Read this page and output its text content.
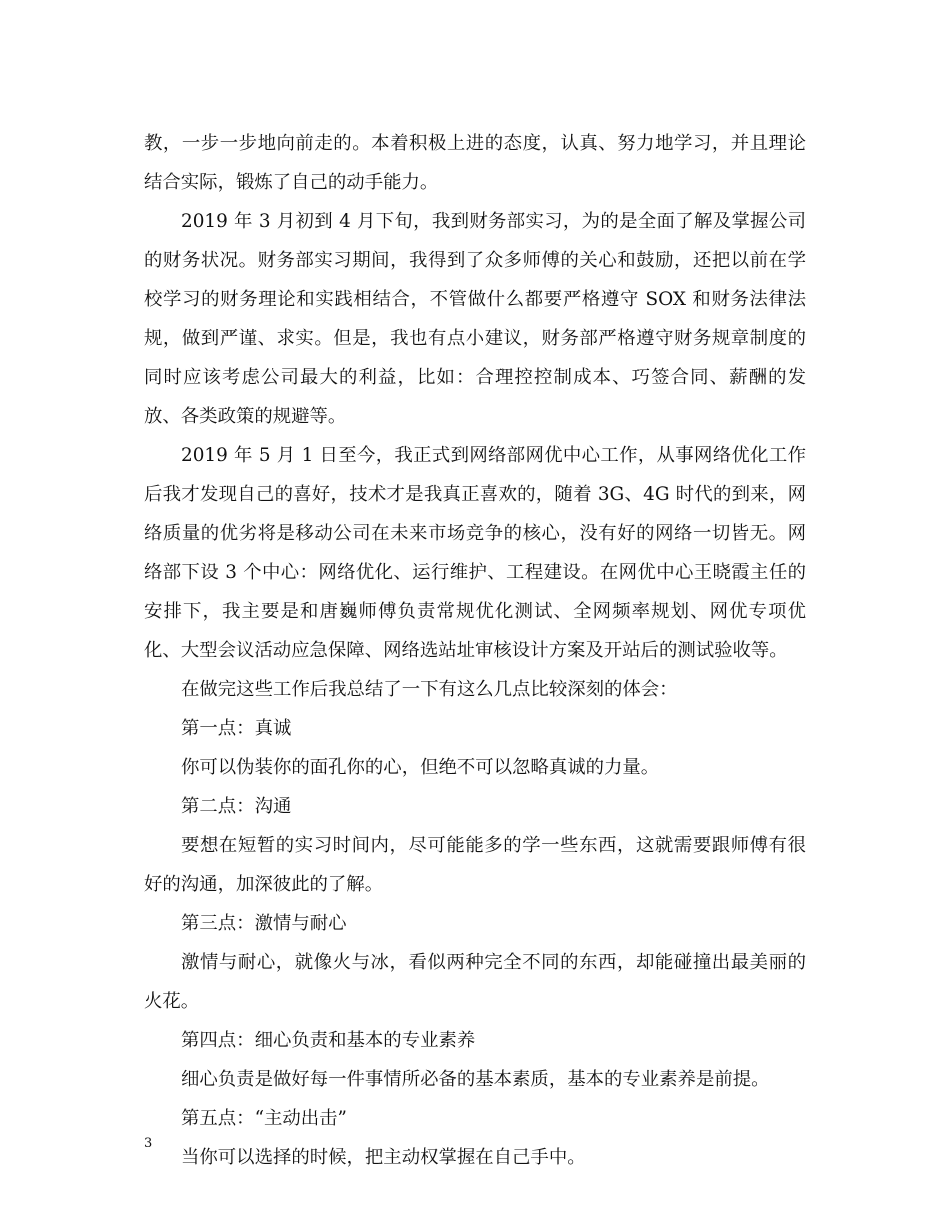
教，一步一步地向前走的。本着积极上进的态度，认真、努力地学习，并且理论结合实际，锻炼了自己的动手能力。

2019 年 3 月初到 4 月下旬，我到财务部实习，为的是全面了解及掌握公司的财务状况。财务部实习期间，我得到了众多师傅的关心和鼓励，还把以前在学校学习的财务理论和实践相结合，不管做什么都要严格遵守 SOX 和财务法律法规，做到严谨、求实。但是，我也有点小建议，财务部严格遵守财务规章制度的同时应该考虑公司最大的利益，比如：合理控控制成本、巧签合同、薪酬的发放、各类政策的规避等。

2019 年 5 月 1 日至今，我正式到网络部网优中心工作，从事网络优化工作后我才发现自己的喜好，技术才是我真正喜欢的，随着 3G、4G 时代的到来，网络质量的优劣将是移动公司在未来市场竞争的核心，没有好的网络一切皆无。网络部下设 3 个中心：网络优化、运行维护、工程建设。在网优中心王晓霞主任的安排下，我主要是和唐巍师傅负责常规优化测试、全网频率规划、网优专项优化、大型会议活动应急保障、网络选站址审核设计方案及开站后的测试验收等。

在做完这些工作后我总结了一下有这么几点比较深刻的体会：

第一点：真诚

你可以伪装你的面孔你的心，但绝不可以忽略真诚的力量。

第二点：沟通

要想在短暂的实习时间内，尽可能能多的学一些东西，这就需要跟师傅有很好的沟通，加深彼此的了解。

第三点：激情与耐心

激情与耐心，就像火与冰，看似两种完全不同的东西，却能碰撞出最美丽的火花。

第四点：细心负责和基本的专业素养

细心负责是做好每一件事情所必备的基本素质，基本的专业素养是前提。

第五点：“主动出击”

当你可以选择的时候，把主动权掌握在自己手中。

3
